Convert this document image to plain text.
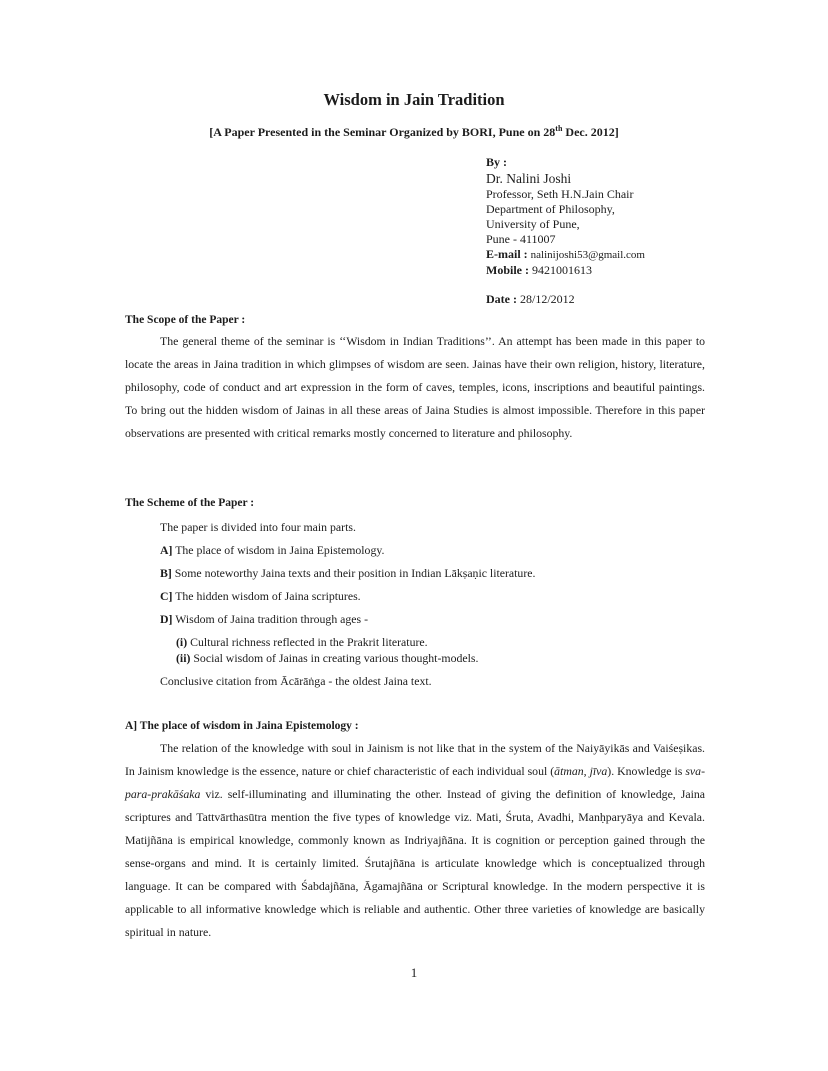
Wisdom in Jain Tradition
[A Paper Presented in the Seminar Organized by BORI, Pune on 28th Dec. 2012]
By :
Dr. Nalini Joshi
Professor, Seth H.N.Jain Chair
Department of Philosophy,
University of Pune,
Pune - 411007
E-mail : nalinijoshi53@gmail.com
Mobile : 9421001613
Date : 28/12/2012
The Scope of the Paper :
The general theme of the seminar is ‘‘Wisdom in Indian Traditions’’. An attempt has been made in this paper to locate the areas in Jaina tradition in which glimpses of wisdom are seen. Jainas have their own religion, history, literature, philosophy, code of conduct and art expression in the form of caves, temples, icons, inscriptions and beautiful paintings. To bring out the hidden wisdom of Jainas in all these areas of Jaina Studies is almost impossible. Therefore in this paper observations are presented with critical remarks mostly concerned to literature and philosophy.
The Scheme of the Paper :
The paper is divided into four main parts.
A] The place of wisdom in Jaina Epistemology.
B] Some noteworthy Jaina texts and their position in Indian Lākṣaṇic literature.
C] The hidden wisdom of Jaina scriptures.
D] Wisdom of Jaina tradition through ages -
(i) Cultural richness reflected in the Prakrit literature.
(ii) Social wisdom of Jainas in creating various thought-models.
Conclusive citation from Ācārāṅga - the oldest Jaina text.
A] The place of wisdom in Jaina Epistemology :
The relation of the knowledge with soul in Jainism is not like that in the system of the Naiyāyikās and Vaiśeṣikas. In Jainism knowledge is the essence, nature or chief characteristic of each individual soul (ātman, jīva). Knowledge is sva-para-prakāśaka viz. self-illuminating and illuminating the other. Instead of giving the definition of knowledge, Jaina scriptures and Tattvārthasūtra mention the five types of knowledge viz. Mati, Śruta, Avadhi, Manḥparyāya and Kevala. Matijñāna is empirical knowledge, commonly known as Indriyajñāna. It is cognition or perception gained through the sense-organs and mind. It is certainly limited. Śrutajñāna is articulate knowledge which is conceptualized through language. It can be compared with Śabdajñāna, Āgamajñāna or Scriptural knowledge. In the modern perspective it is applicable to all informative knowledge which is reliable and authentic. Other three varieties of knowledge are basically spiritual in nature.
1
